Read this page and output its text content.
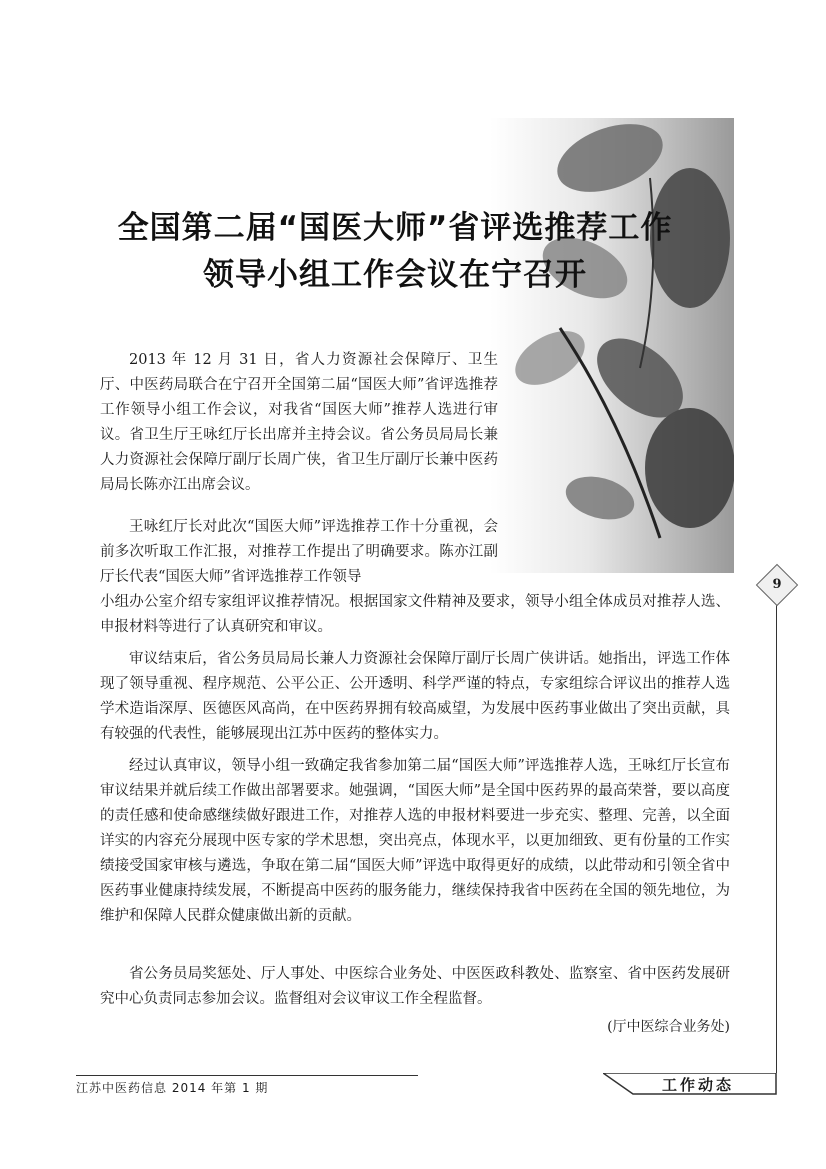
全国第二届“国医大师”省评选推荐工作
领导小组工作会议在宁召开

2013 年 12 月 31 日，省人力资源社会保障厅、卫生厅、中医药局联合在宁召开全国第二届“国医大师”省评选推荐工作领导小组工作会议，对我省“国医大师”推荐人选进行审议。省卫生厅王咏红厅长出席并主持会议。省公务员局局长兼人力资源社会保障厅副厅长周广侠，省卫生厅副厅长兼中医药局局长陈亦江出席会议。

王咏红厅长对此次“国医大师”评选推荐工作十分重视，会前多次听取工作汇报，对推荐工作提出了明确要求。陈亦江副厅长代表“国医大师”省评选推荐工作领导

小组办公室介绍专家组评议推荐情况。根据国家文件精神及要求，领导小组全体成员对推荐人选、申报材料等进行了认真研究和审议。

审议结束后，省公务员局局长兼人力资源社会保障厅副厅长周广侠讲话。她指出，评选工作体现了领导重视、程序规范、公平公正、公开透明、科学严谨的特点，专家组综合评议出的推荐人选学术造诣深厚、医德医风高尚，在中医药界拥有较高威望，为发展中医药事业做出了突出贡献，具有较强的代表性，能够展现出江苏中医药的整体实力。

经过认真审议，领导小组一致确定我省参加第二届“国医大师”评选推荐人选，王咏红厅长宣布审议结果并就后续工作做出部署要求。她强调，“国医大师”是全国中医药界的最高荣誉，要以高度的责任感和使命感继续做好跟进工作，对推荐人选的申报材料要进一步充实、整理、完善，以全面详实的内容充分展现中医专家的学术思想，突出亮点，体现水平，以更加细致、更有份量的工作实绩接受国家审核与遴选，争取在第二届“国医大师”评选中取得更好的成绩，以此带动和引领全省中医药事业健康持续发展，不断提高中医药的服务能力，继续保持我省中医药在全国的领先地位，为维护和保障人民群众健康做出新的贡献。

省公务员局奖惩处、厅人事处、中医综合业务处、中医医政科教处、监察室、省中医药发展研究中心负责同志参加会议。监督组对会议审议工作全程监督。

(厅中医综合业务处)
9
江苏中医药信息 2014 年第 1 期	工作动态
